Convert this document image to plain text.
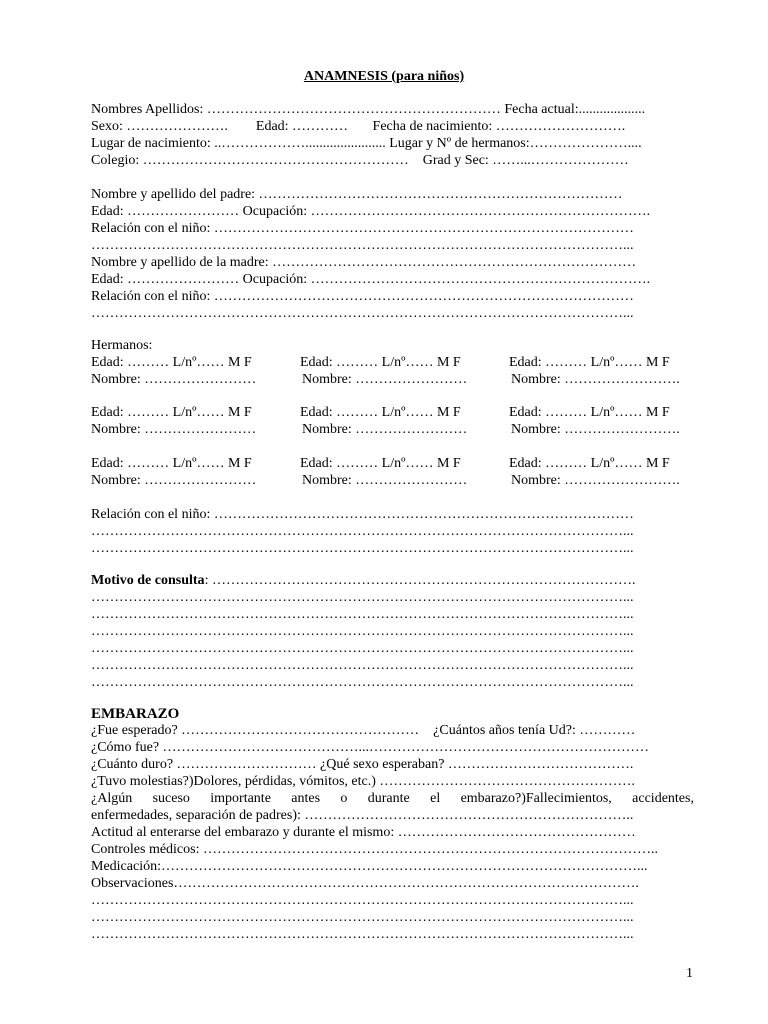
ANAMNESIS (para niños)
Nombres Apellidos: ……………………………………………………… Fecha actual:...................
Sexo: ………………….        Edad: …………       Fecha de nacimiento: ……………………….
Lugar de nacimiento: ..………………....................... Lugar y Nº de hermanos:…………………....
Colegio: …………………………………………………    Grad y Sec: ……...…………………
Nombre y apellido del padre: ……………………………………………………………………
Edad: …………………… Ocupación: ……………………………………………………………….
Relación con el niño: ………………………………………………………………………………
……………………………………………………………………………………………………...
Nombre y apellido de la madre: ……………………………………………………………………
Edad: …………………… Ocupación: ……………………………………………………………….
Relación con el niño: ………………………………………………………………………………
……………………………………………………………………………………………………...
Hermanos:
Edad: ……… L/nº…… M F	Edad: ……… L/nº…… M F	Edad: ……… L/nº…… M F
Nombre: ……………………	Nombre: ……………………	Nombre: …………………….
Edad: ……… L/nº…… M F	Edad: ……… L/nº…… M F	Edad: ……… L/nº…… M F
Nombre: ……………………	Nombre: ……………………	Nombre: …………………….
Edad: ……… L/nº…… M F	Edad: ……… L/nº…… M F	Edad: ……… L/nº…… M F
Nombre: ……………………	Nombre: ……………………	Nombre: …………………….
Relación con el niño: ………………………………………………………………………………
……………………………………………………………………………………………………...
……………………………………………………………………………………………………...
Motivo de consulta: ……………………………………………………………………………….
……………………………………………………………………………………………………...
……………………………………………………………………………………………………...
……………………………………………………………………………………………………...
……………………………………………………………………………………………………...
……………………………………………………………………………………………………...
……………………………………………………………………………………………………...
EMBARAZO
¿Fue esperado? ……………………………………………    ¿Cuántos años tenía Ud?: …………
¿Cómo fue? ……………………………………...……………………………………………………
¿Cuánto duro? ………………………… ¿Qué sexo esperaban? ………………………………….
¿Tuvo molestias?)Dolores, pérdidas, vómitos, etc.) ……………………………………………….
¿Algún suceso importante antes o durante el embarazo?)Fallecimientos, accidentes,
enfermedades, separación de padres): ……………………………………………………………..
Actitud al enterarse del embarazo y durante el mismo: ……………………………………………
Controles médicos: ……………………………………………………………………………………..
Medicación:…………………………………………………………………………………………...
Observaciones……………………………………………………………………………………….
……………………………………………………………………………………………………...
……………………………………………………………………………………………………...
……………………………………………………………………………………………………...
1
